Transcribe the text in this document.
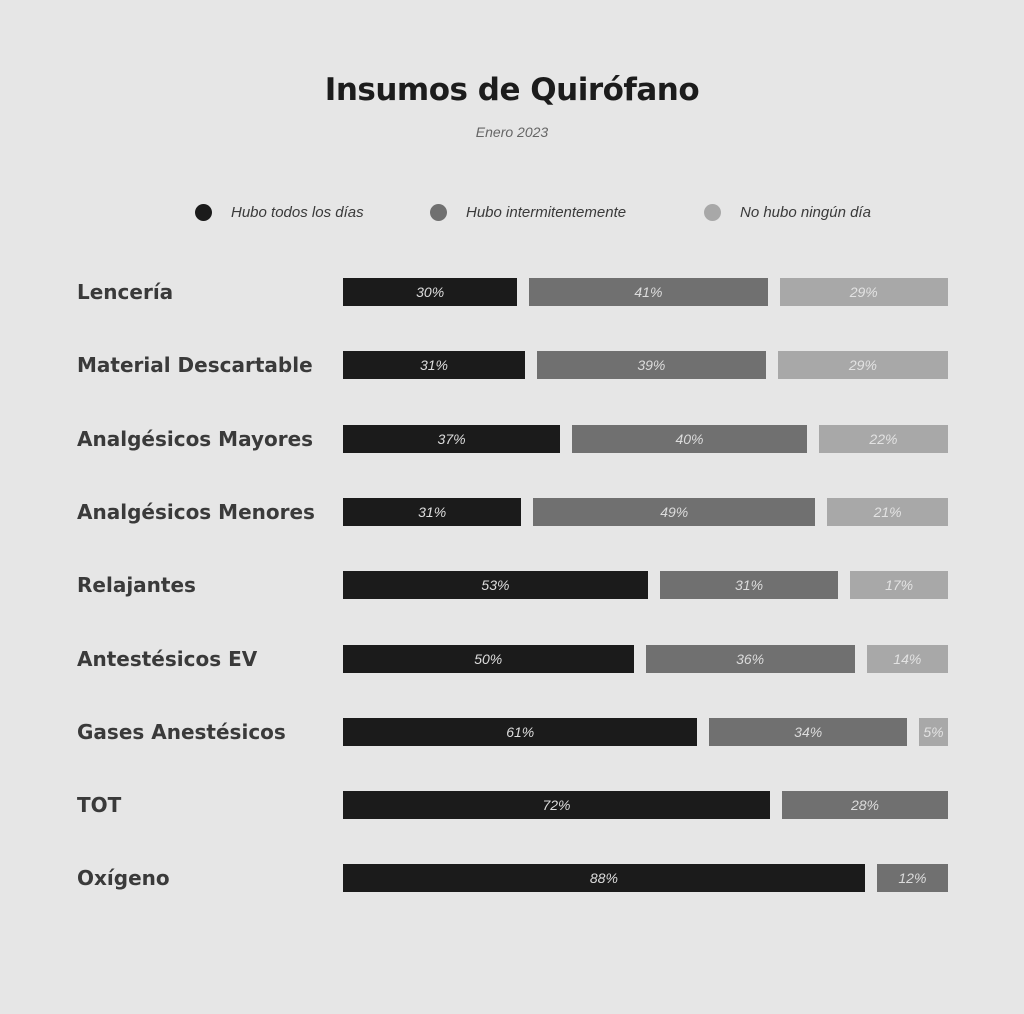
Insumos de Quirófano
Enero 2023
Hubo todos los días	Hubo intermitentemente	No hubo ningún día
Lencería	30%	41%	29%
Material Descartable	31%	39%	29%
Analgésicos Mayores	37%	40%	22%
Analgésicos Menores	31%	49%	21%
Relajantes	53%	31%	17%
Antestésicos EV	50%	36%	14%
Gases Anestésicos	61%	34%	5%
TOT	72%	28%
Oxígeno	88%	12%
